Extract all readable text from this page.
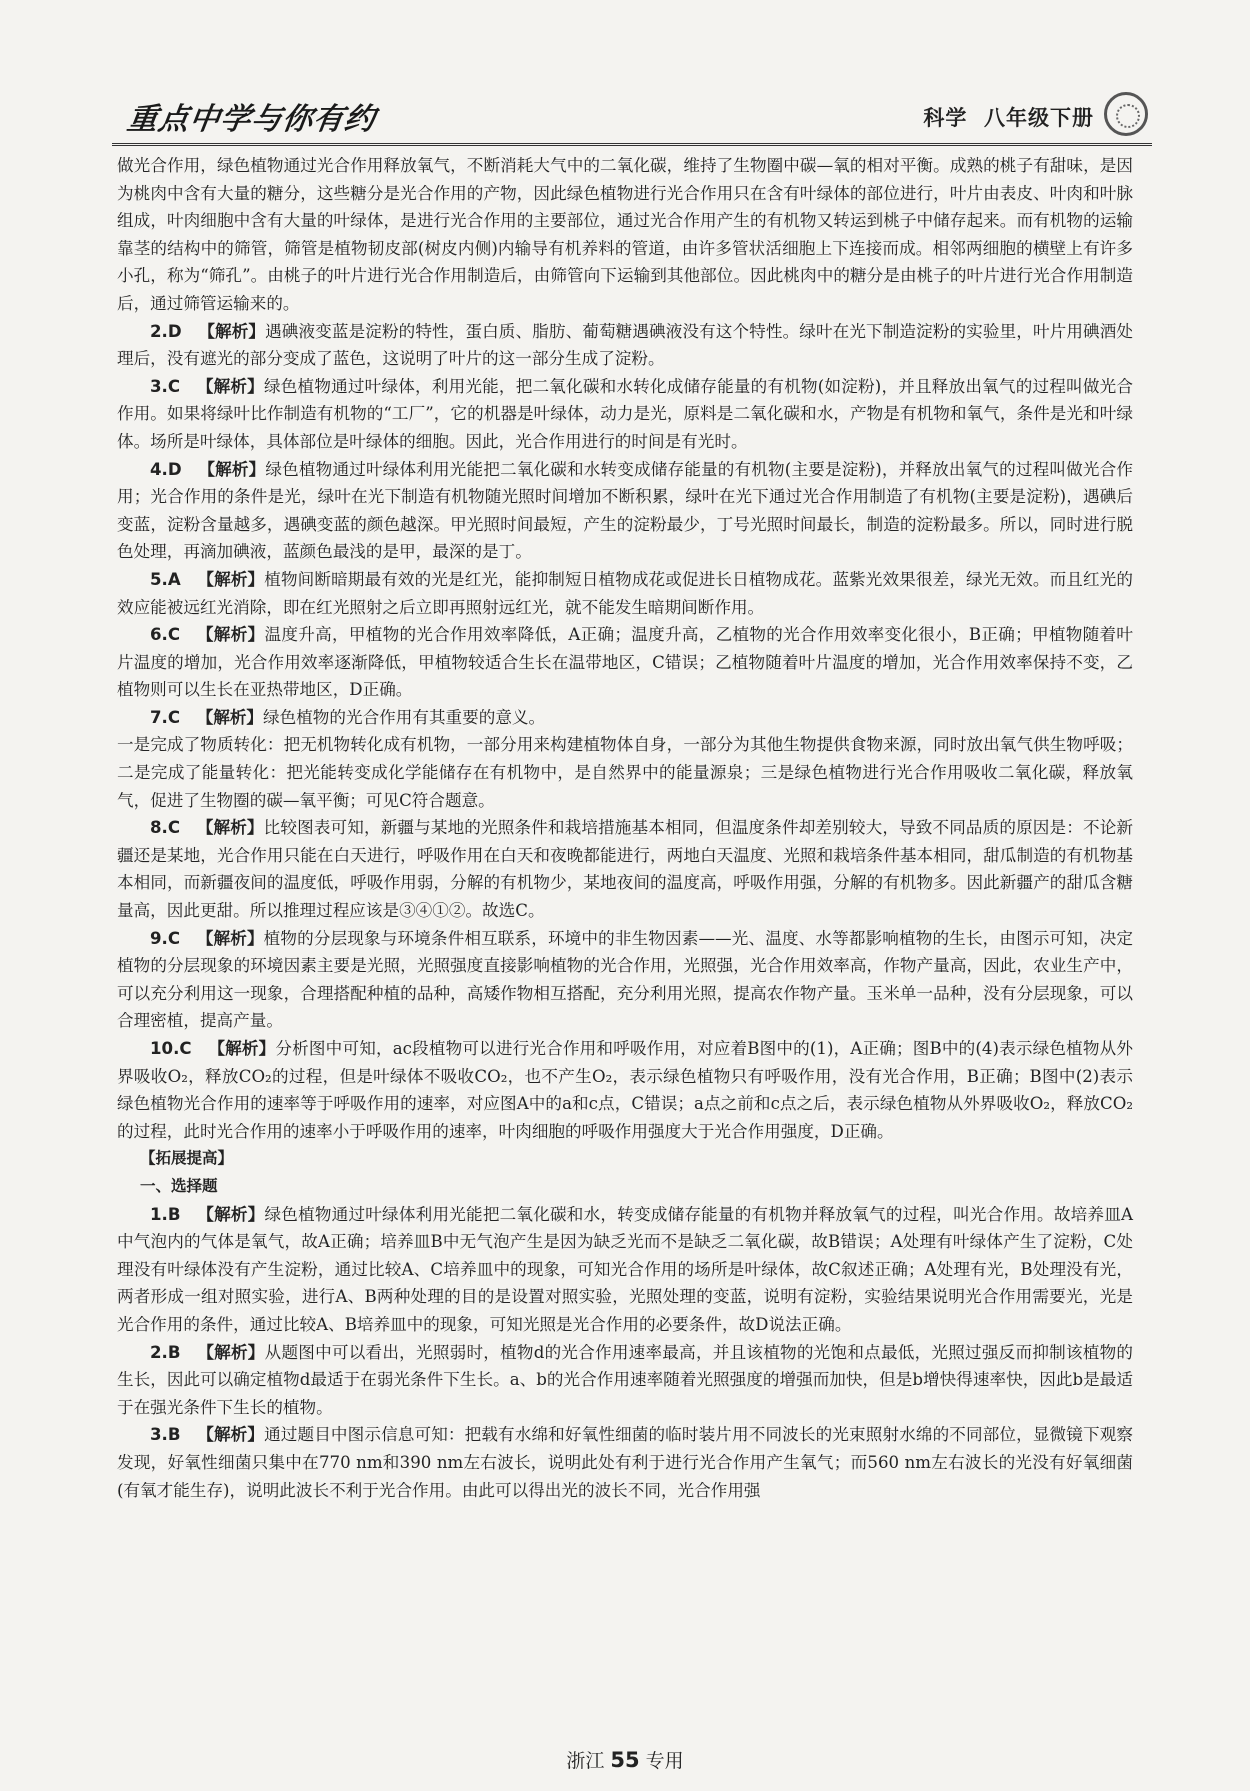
重点中学与你有约	科学  八年级下册

做光合作用，绿色植物通过光合作用释放氧气，不断消耗大气中的二氧化碳，维持了生物圈中碳—氧的相对平衡。成熟的桃子有甜味，是因为桃肉中含有大量的糖分，这些糖分是光合作用的产物，因此绿色植物进行光合作用只在含有叶绿体的部位进行，叶片由表皮、叶肉和叶脉组成，叶肉细胞中含有大量的叶绿体，是进行光合作用的主要部位，通过光合作用产生的有机物又转运到桃子中储存起来。而有机物的运输靠茎的结构中的筛管，筛管是植物韧皮部(树皮内侧)内输导有机养料的管道，由许多管状活细胞上下连接而成。相邻两细胞的横壁上有许多小孔，称为“筛孔”。由桃子的叶片进行光合作用制造后，由筛管向下运输到其他部位。因此桃肉中的糖分是由桃子的叶片进行光合作用制造后，通过筛管运输来的。

2.D  【解析】遇碘液变蓝是淀粉的特性，蛋白质、脂肪、葡萄糖遇碘液没有这个特性。绿叶在光下制造淀粉的实验里，叶片用碘酒处理后，没有遮光的部分变成了蓝色，这说明了叶片的这一部分生成了淀粉。

3.C  【解析】绿色植物通过叶绿体，利用光能，把二氧化碳和水转化成储存能量的有机物(如淀粉)，并且释放出氧气的过程叫做光合作用。如果将绿叶比作制造有机物的“工厂”，它的机器是叶绿体，动力是光，原料是二氧化碳和水，产物是有机物和氧气，条件是光和叶绿体。场所是叶绿体，具体部位是叶绿体的细胞。因此，光合作用进行的时间是有光时。

4.D  【解析】绿色植物通过叶绿体利用光能把二氧化碳和水转变成储存能量的有机物(主要是淀粉)，并释放出氧气的过程叫做光合作用；光合作用的条件是光，绿叶在光下制造有机物随光照时间增加不断积累，绿叶在光下通过光合作用制造了有机物(主要是淀粉)，遇碘后变蓝，淀粉含量越多，遇碘变蓝的颜色越深。甲光照时间最短，产生的淀粉最少，丁号光照时间最长，制造的淀粉最多。所以，同时进行脱色处理，再滴加碘液，蓝颜色最浅的是甲，最深的是丁。

5.A  【解析】植物间断暗期最有效的光是红光，能抑制短日植物成花或促进长日植物成花。蓝紫光效果很差，绿光无效。而且红光的效应能被远红光消除，即在红光照射之后立即再照射远红光，就不能发生暗期间断作用。

6.C  【解析】温度升高，甲植物的光合作用效率降低，A正确；温度升高，乙植物的光合作用效率变化很小，B正确；甲植物随着叶片温度的增加，光合作用效率逐渐降低，甲植物较适合生长在温带地区，C错误；乙植物随着叶片温度的增加，光合作用效率保持不变，乙植物则可以生长在亚热带地区，D正确。

7.C  【解析】绿色植物的光合作用有其重要的意义。

一是完成了物质转化：把无机物转化成有机物，一部分用来构建植物体自身，一部分为其他生物提供食物来源，同时放出氧气供生物呼吸；二是完成了能量转化：把光能转变成化学能储存在有机物中，是自然界中的能量源泉；三是绿色植物进行光合作用吸收二氧化碳，释放氧气，促进了生物圈的碳—氧平衡；可见C符合题意。

8.C  【解析】比较图表可知，新疆与某地的光照条件和栽培措施基本相同，但温度条件却差别较大，导致不同品质的原因是：不论新疆还是某地，光合作用只能在白天进行，呼吸作用在白天和夜晚都能进行，两地白天温度、光照和栽培条件基本相同，甜瓜制造的有机物基本相同，而新疆夜间的温度低，呼吸作用弱，分解的有机物少，某地夜间的温度高，呼吸作用强，分解的有机物多。因此新疆产的甜瓜含糖量高，因此更甜。所以推理过程应该是③④①②。故选C。

9.C  【解析】植物的分层现象与环境条件相互联系，环境中的非生物因素——光、温度、水等都影响植物的生长，由图示可知，决定植物的分层现象的环境因素主要是光照，光照强度直接影响植物的光合作用，光照强，光合作用效率高，作物产量高，因此，农业生产中，可以充分利用这一现象，合理搭配种植的品种，高矮作物相互搭配，充分利用光照，提高农作物产量。玉米单一品种，没有分层现象，可以合理密植，提高产量。

10.C  【解析】分析图中可知，ac段植物可以进行光合作用和呼吸作用，对应着B图中的(1)，A正确；图B中的(4)表示绿色植物从外界吸收O₂，释放CO₂的过程，但是叶绿体不吸收CO₂，也不产生O₂，表示绿色植物只有呼吸作用，没有光合作用，B正确；B图中(2)表示绿色植物光合作用的速率等于呼吸作用的速率，对应图A中的a和c点，C错误；a点之前和c点之后，表示绿色植物从外界吸收O₂，释放CO₂的过程，此时光合作用的速率小于呼吸作用的速率，叶肉细胞的呼吸作用强度大于光合作用强度，D正确。

【拓展提高】

一、选择题

1.B  【解析】绿色植物通过叶绿体利用光能把二氧化碳和水，转变成储存能量的有机物并释放氧气的过程，叫光合作用。故培养皿A中气泡内的气体是氧气，故A正确；培养皿B中无气泡产生是因为缺乏光而不是缺乏二氧化碳，故B错误；A处理有叶绿体产生了淀粉，C处理没有叶绿体没有产生淀粉，通过比较A、C培养皿中的现象，可知光合作用的场所是叶绿体，故C叙述正确；A处理有光，B处理没有光，两者形成一组对照实验，进行A、B两种处理的目的是设置对照实验，光照处理的变蓝，说明有淀粉，实验结果说明光合作用需要光，光是光合作用的条件，通过比较A、B培养皿中的现象，可知光照是光合作用的必要条件，故D说法正确。

2.B  【解析】从题图中可以看出，光照弱时，植物d的光合作用速率最高，并且该植物的光饱和点最低，光照过强反而抑制该植物的生长，因此可以确定植物d最适于在弱光条件下生长。a、b的光合作用速率随着光照强度的增强而加快，但是b增快得速率快，因此b是最适于在强光条件下生长的植物。

3.B  【解析】通过题目中图示信息可知：把载有水绵和好氧性细菌的临时装片用不同波长的光束照射水绵的不同部位，显微镜下观察发现，好氧性细菌只集中在770 nm和390 nm左右波长，说明此处有利于进行光合作用产生氧气；而560 nm左右波长的光没有好氧细菌(有氧才能生存)，说明此波长不利于光合作用。由此可以得出光的波长不同，光合作用强

浙江 55 专用
